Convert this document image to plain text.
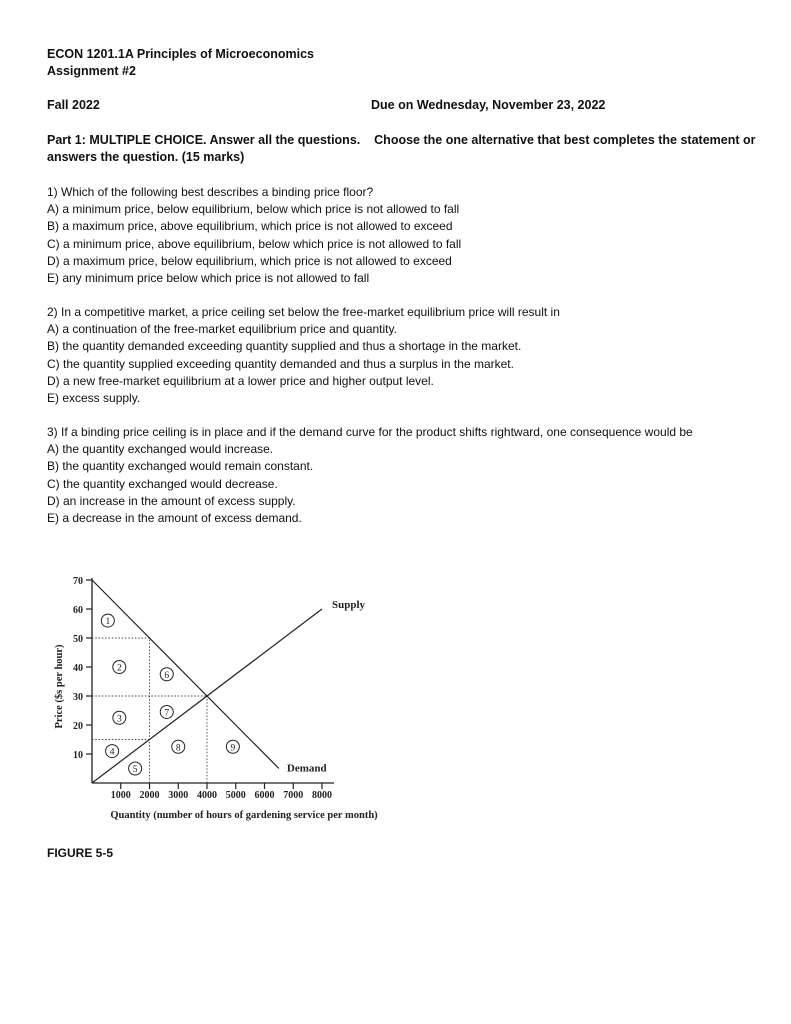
ECON 1201.1A Principles of Microeconomics
Assignment #2
Fall 2022	Due on Wednesday, November 23, 2022
Part 1: MULTIPLE CHOICE. Answer all the questions. Choose the one alternative that best completes the statement or
answers the question. (15 marks)
1) Which of the following best describes a binding price floor?
A) a minimum price, below equilibrium, below which price is not allowed to fall
B) a maximum price, above equilibrium, which price is not allowed to exceed
C) a minimum price, above equilibrium, below which price is not allowed to fall
D) a maximum price, below equilibrium, which price is not allowed to exceed
E) any minimum price below which price is not allowed to fall
2) In a competitive market, a price ceiling set below the free-market equilibrium price will result in
A) a continuation of the free-market equilibrium price and quantity.
B) the quantity demanded exceeding quantity supplied and thus a shortage in the market.
C) the quantity supplied exceeding quantity demanded and thus a surplus in the market.
D) a new free-market equilibrium at a lower price and higher output level.
E) excess supply.
3) If a binding price ceiling is in place and if the demand curve for the product shifts rightward, one consequence would be
A) the quantity exchanged would increase.
B) the quantity exchanged would remain constant.
C) the quantity exchanged would decrease.
D) an increase in the amount of excess supply.
E) a decrease in the amount of excess demand.
10
20
30
40
50
60
70
1000 2000 3000 4000 5000 6000 7000 8000
Supply
Demand
1
2
3
4
5
6
7
8	9
Quantity (number of hours of gardening service per month)
Price ($s per hour)
FIGURE 5-5
